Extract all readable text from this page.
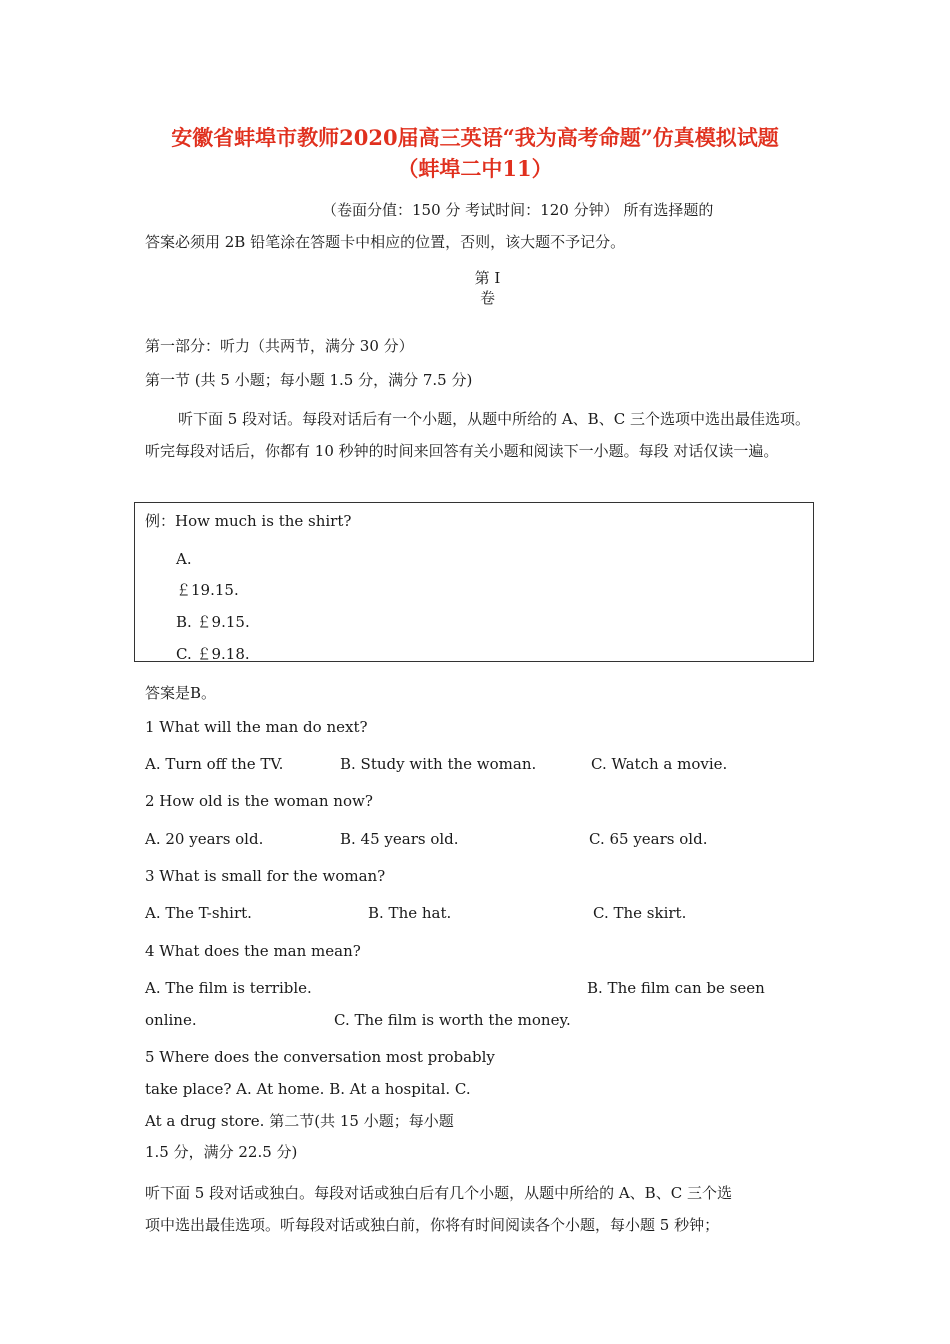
安徽省蚌埠市教师2020届高三英语“我为高考命题”仿真模拟试题
（蚌埠二中11）
（卷面分值：150 分 考试时间：120 分钟） 所有选择题的
答案必须用 2B 铅笔涂在答题卡中相应的位置，否则，该大题不予记分。
第 I
卷
第一部分：听力（共两节，满分 30 分）
第一节 (共 5 小题；每小题 1.5 分，满分 7.5 分)
听下面 5 段对话。每段对话后有一个小题，从题中所给的 A、B、C 三个选项中选出最佳选项。听完每段对话后，你都有 10 秒钟的时间来回答有关小题和阅读下一小题。每段 对话仅读一遍。
例：How much is the shirt?
A.
￡19.15.
B. ￡9.15.
C. ￡9.18.
答案是B。
1 What will the man do next?
A. Turn off the TV.	B. Study with the woman.	C. Watch a movie.
2 How old is the woman now?
A. 20 years old.	B. 45 years old.	C. 65 years old.
3 What is small for the woman?
A. The T-shirt.	B. The hat.	C. The skirt.
4 What does the man mean?
A. The film is terrible.	B. The film can be seen
online.	C. The film is worth the money.
5 Where does the conversation most probably
take place? A. At home. B. At a hospital. C.
At a drug store. 第二节(共 15 小题；每小题
1.5 分，满分 22.5 分)
听下面 5 段对话或独白。每段对话或独白后有几个小题，从题中所给的 A、B、C 三个选
项中选出最佳选项。听每段对话或独白前，你将有时间阅读各个小题，每小题 5 秒钟；
